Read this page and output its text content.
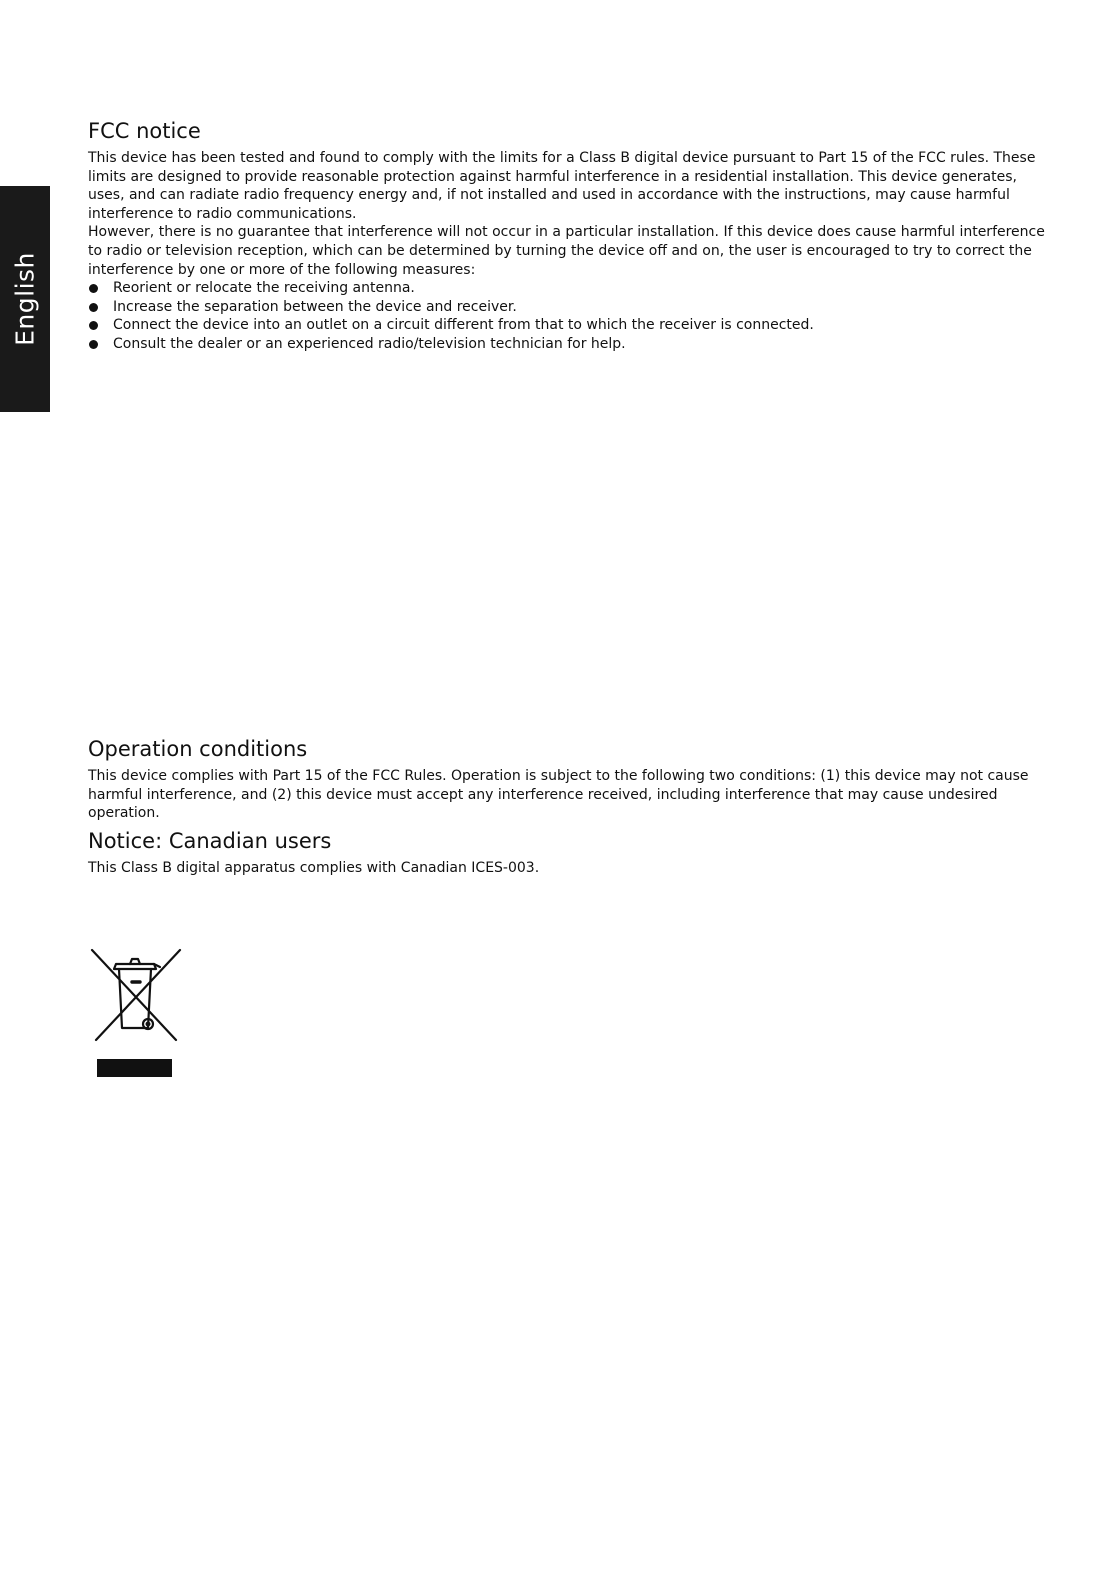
English
FCC notice

This device has been tested and found to comply with the limits for a Class B digital device pursuant to Part 15 of the FCC rules. These limits are designed to provide reasonable protection against harmful interference in a residential installation. This device generates, uses, and can radiate radio frequency energy and, if not installed and used in accordance with the instructions, may cause harmful interference to radio communications.

However, there is no guarantee that interference will not occur in a particular installation. If this device does cause harmful interference to radio or television reception, which can be determined by turning the device off and on, the user is encouraged to try to correct the interference by one or more of the following measures:

Reorient or relocate the receiving antenna.
Increase the separation between the device and receiver.
Connect the device into an outlet on a circuit different from that to which the receiver is connected.
Consult the dealer or an experienced radio/television technician for help.
Operation conditions

This device complies with Part 15 of the FCC Rules. Operation is subject to the following two conditions: (1) this device may not cause harmful interference, and (2) this device must accept any interference received, including interference that may cause undesired operation.

Notice: Canadian users

This Class B digital apparatus complies with Canadian ICES-003.
